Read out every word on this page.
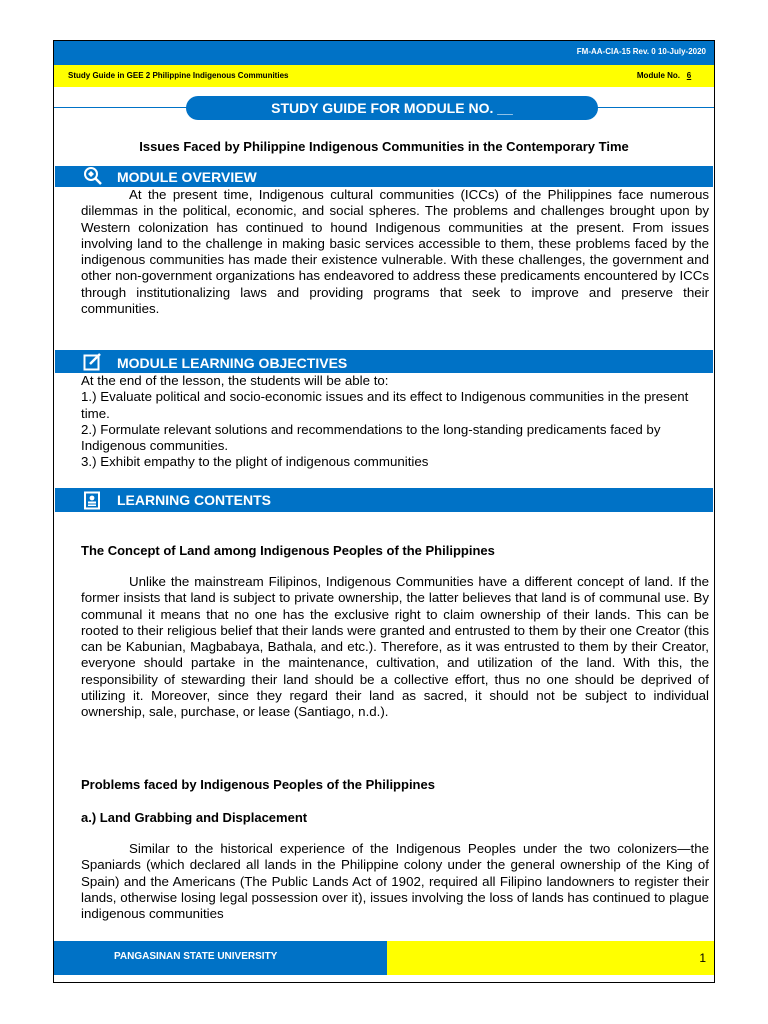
FM-AA-CIA-15 Rev. 0 10-July-2020
Study Guide in GEE 2 Philippine Indigenous Communities	Module No. 6
STUDY GUIDE FOR MODULE NO. __
Issues Faced by Philippine Indigenous Communities in the Contemporary Time
MODULE OVERVIEW
At the present time, Indigenous cultural communities (ICCs) of the Philippines face numerous dilemmas in the political, economic, and social spheres. The problems and challenges brought upon by Western colonization has continued to hound Indigenous communities at the present. From issues involving land to the challenge in making basic services accessible to them, these problems faced by the indigenous communities has made their existence vulnerable. With these challenges, the government and other non-government organizations has endeavored to address these predicaments encountered by ICCs through institutionalizing laws and providing programs that seek to improve and preserve their communities.
MODULE LEARNING OBJECTIVES
At the end of the lesson, the students will be able to:
1.) Evaluate political and socio-economic issues and its effect to Indigenous communities in the present time.
2.) Formulate relevant solutions and recommendations to the long-standing predicaments faced by Indigenous communities.
3.) Exhibit empathy to the plight of indigenous communities
LEARNING CONTENTS
The Concept of Land among Indigenous Peoples of the Philippines
Unlike the mainstream Filipinos, Indigenous Communities have a different concept of land. If the former insists that land is subject to private ownership, the latter believes that land is of communal use. By communal it means that no one has the exclusive right to claim ownership of their lands. This can be rooted to their religious belief that their lands were granted and entrusted to them by their one Creator (this can be Kabunian, Magbabaya, Bathala, and etc.). Therefore, as it was entrusted to them by their Creator, everyone should partake in the maintenance, cultivation, and utilization of the land. With this, the responsibility of stewarding their land should be a collective effort, thus no one should be deprived of utilizing it. Moreover, since they regard their land as sacred, it should not be subject to individual ownership, sale, purchase, or lease (Santiago, n.d.).
Problems faced by Indigenous Peoples of the Philippines
a.) Land Grabbing and Displacement
Similar to the historical experience of the Indigenous Peoples under the two colonizers—the Spaniards (which declared all lands in the Philippine colony under the general ownership of the King of Spain) and the Americans (The Public Lands Act of 1902, required all Filipino landowners to register their lands, otherwise losing legal possession over it), issues involving the loss of lands has continued to plague indigenous communities
PANGASINAN STATE UNIVERSITY	1
